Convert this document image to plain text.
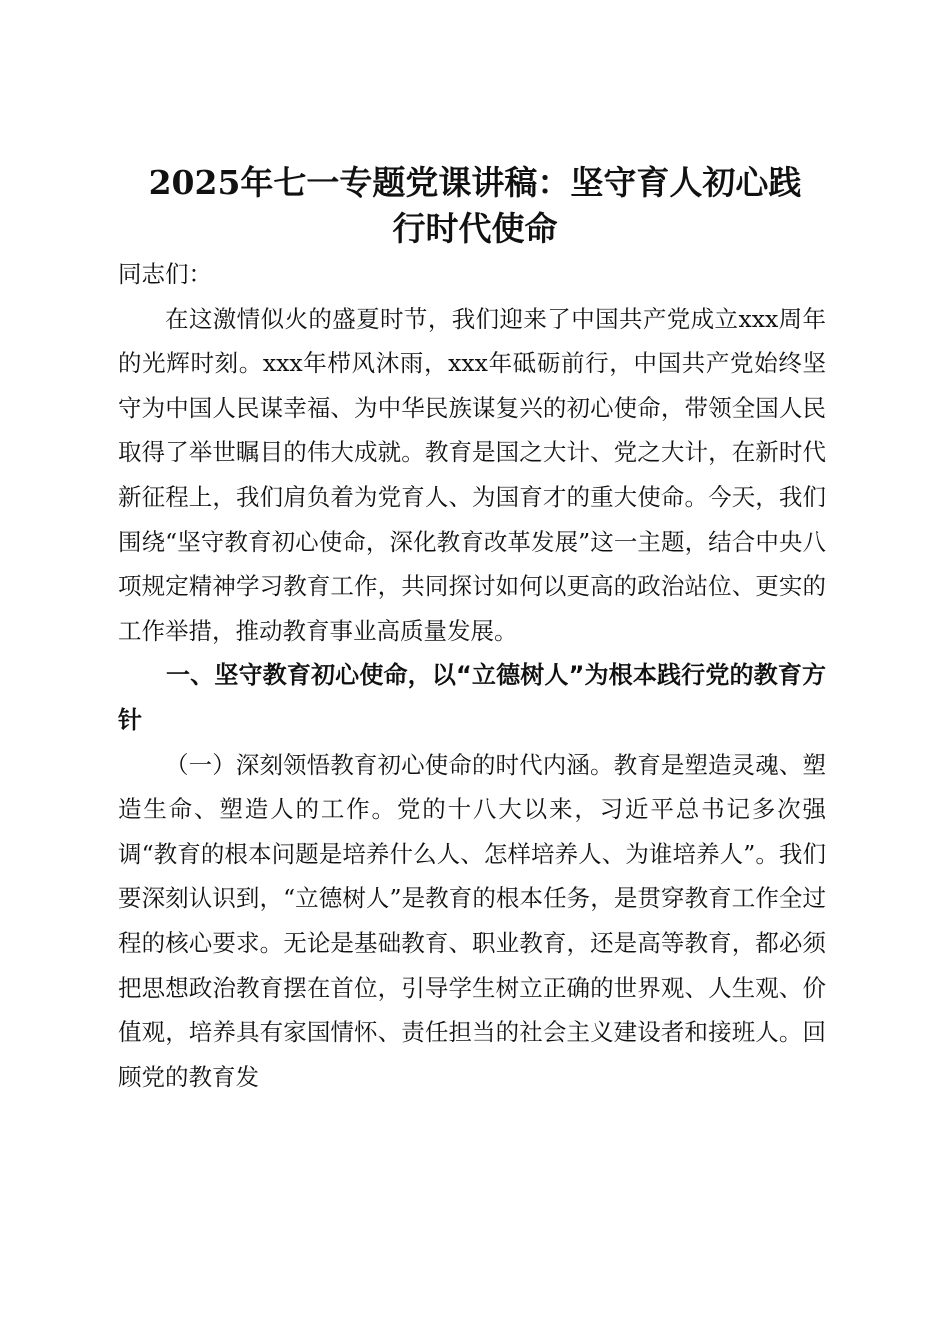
2025年七一专题党课讲稿：坚守育人初心践
行时代使命

同志们：

在这激情似火的盛夏时节，我们迎来了中国共产党成立xxx周年的光辉时刻。xxx年栉风沐雨，xxx年砥砺前行，中国共产党始终坚守为中国人民谋幸福、为中华民族谋复兴的初心使命，带领全国人民取得了举世瞩目的伟大成就。教育是国之大计、党之大计，在新时代新征程上，我们肩负着为党育人、为国育才的重大使命。今天，我们围绕“坚守教育初心使命，深化教育改革发展”这一主题，结合中央八项规定精神学习教育工作，共同探讨如何以更高的政治站位、更实的工作举措，推动教育事业高质量发展。

一、坚守教育初心使命，以“立德树人”为根本践行党的教育方针

（一）深刻领悟教育初心使命的时代内涵。教育是塑造灵魂、塑造生命、塑造人的工作。党的十八大以来，习近平总书记多次强调“教育的根本问题是培养什么人、怎样培养人、为谁培养人”。我们要深刻认识到，“立德树人”是教育的根本任务，是贯穿教育工作全过程的核心要求。无论是基础教育、职业教育，还是高等教育，都必须把思想政治教育摆在首位，引导学生树立正确的世界观、人生观、价值观，培养具有家国情怀、责任担当的社会主义建设者和接班人。回顾党的教育发
